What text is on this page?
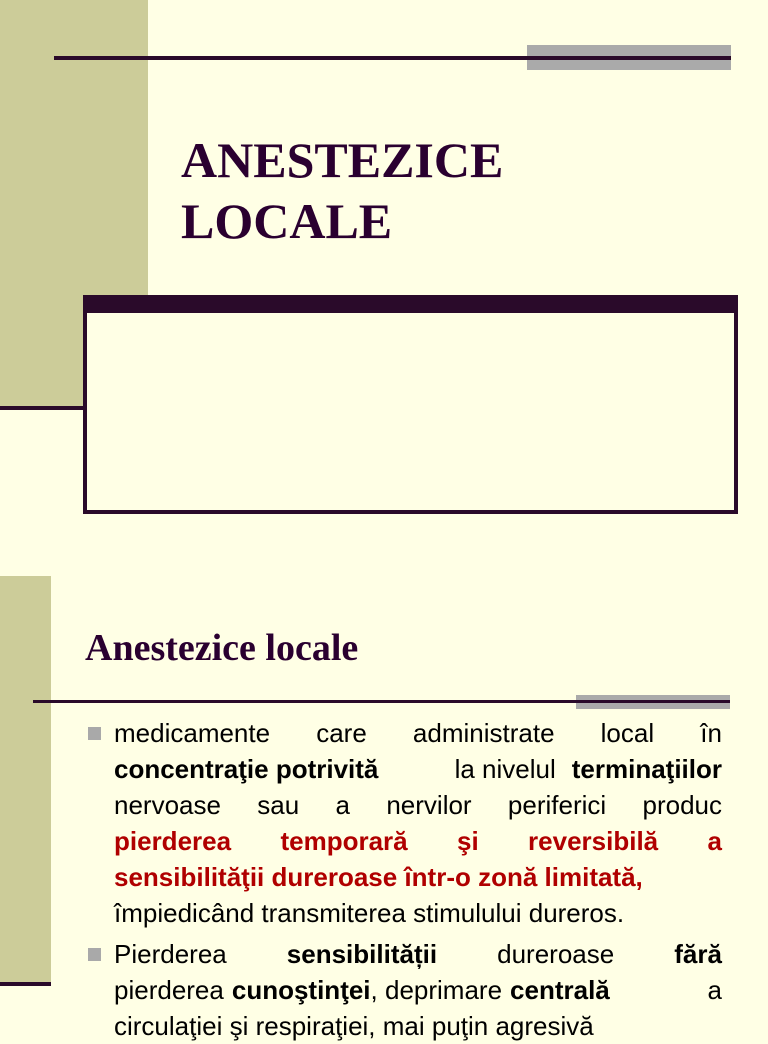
ANESTEZICE
LOCALE
Anestezice locale
medicamente care administrate local în
concentraţie potrivită	la nivelul terminaţiilor
nervoase sau a nervilor periferici produc
pierderea temporară şi reversibilă a
sensibilităţii dureroase într-o zonă limitată,
împiedicând transmiterea stimulului dureros.
Pierderea sensibilității dureroase fără
pierderea cunoştinţei , deprimare centrală	a
circulaţiei şi respiraţiei, mai puţin agresivă
